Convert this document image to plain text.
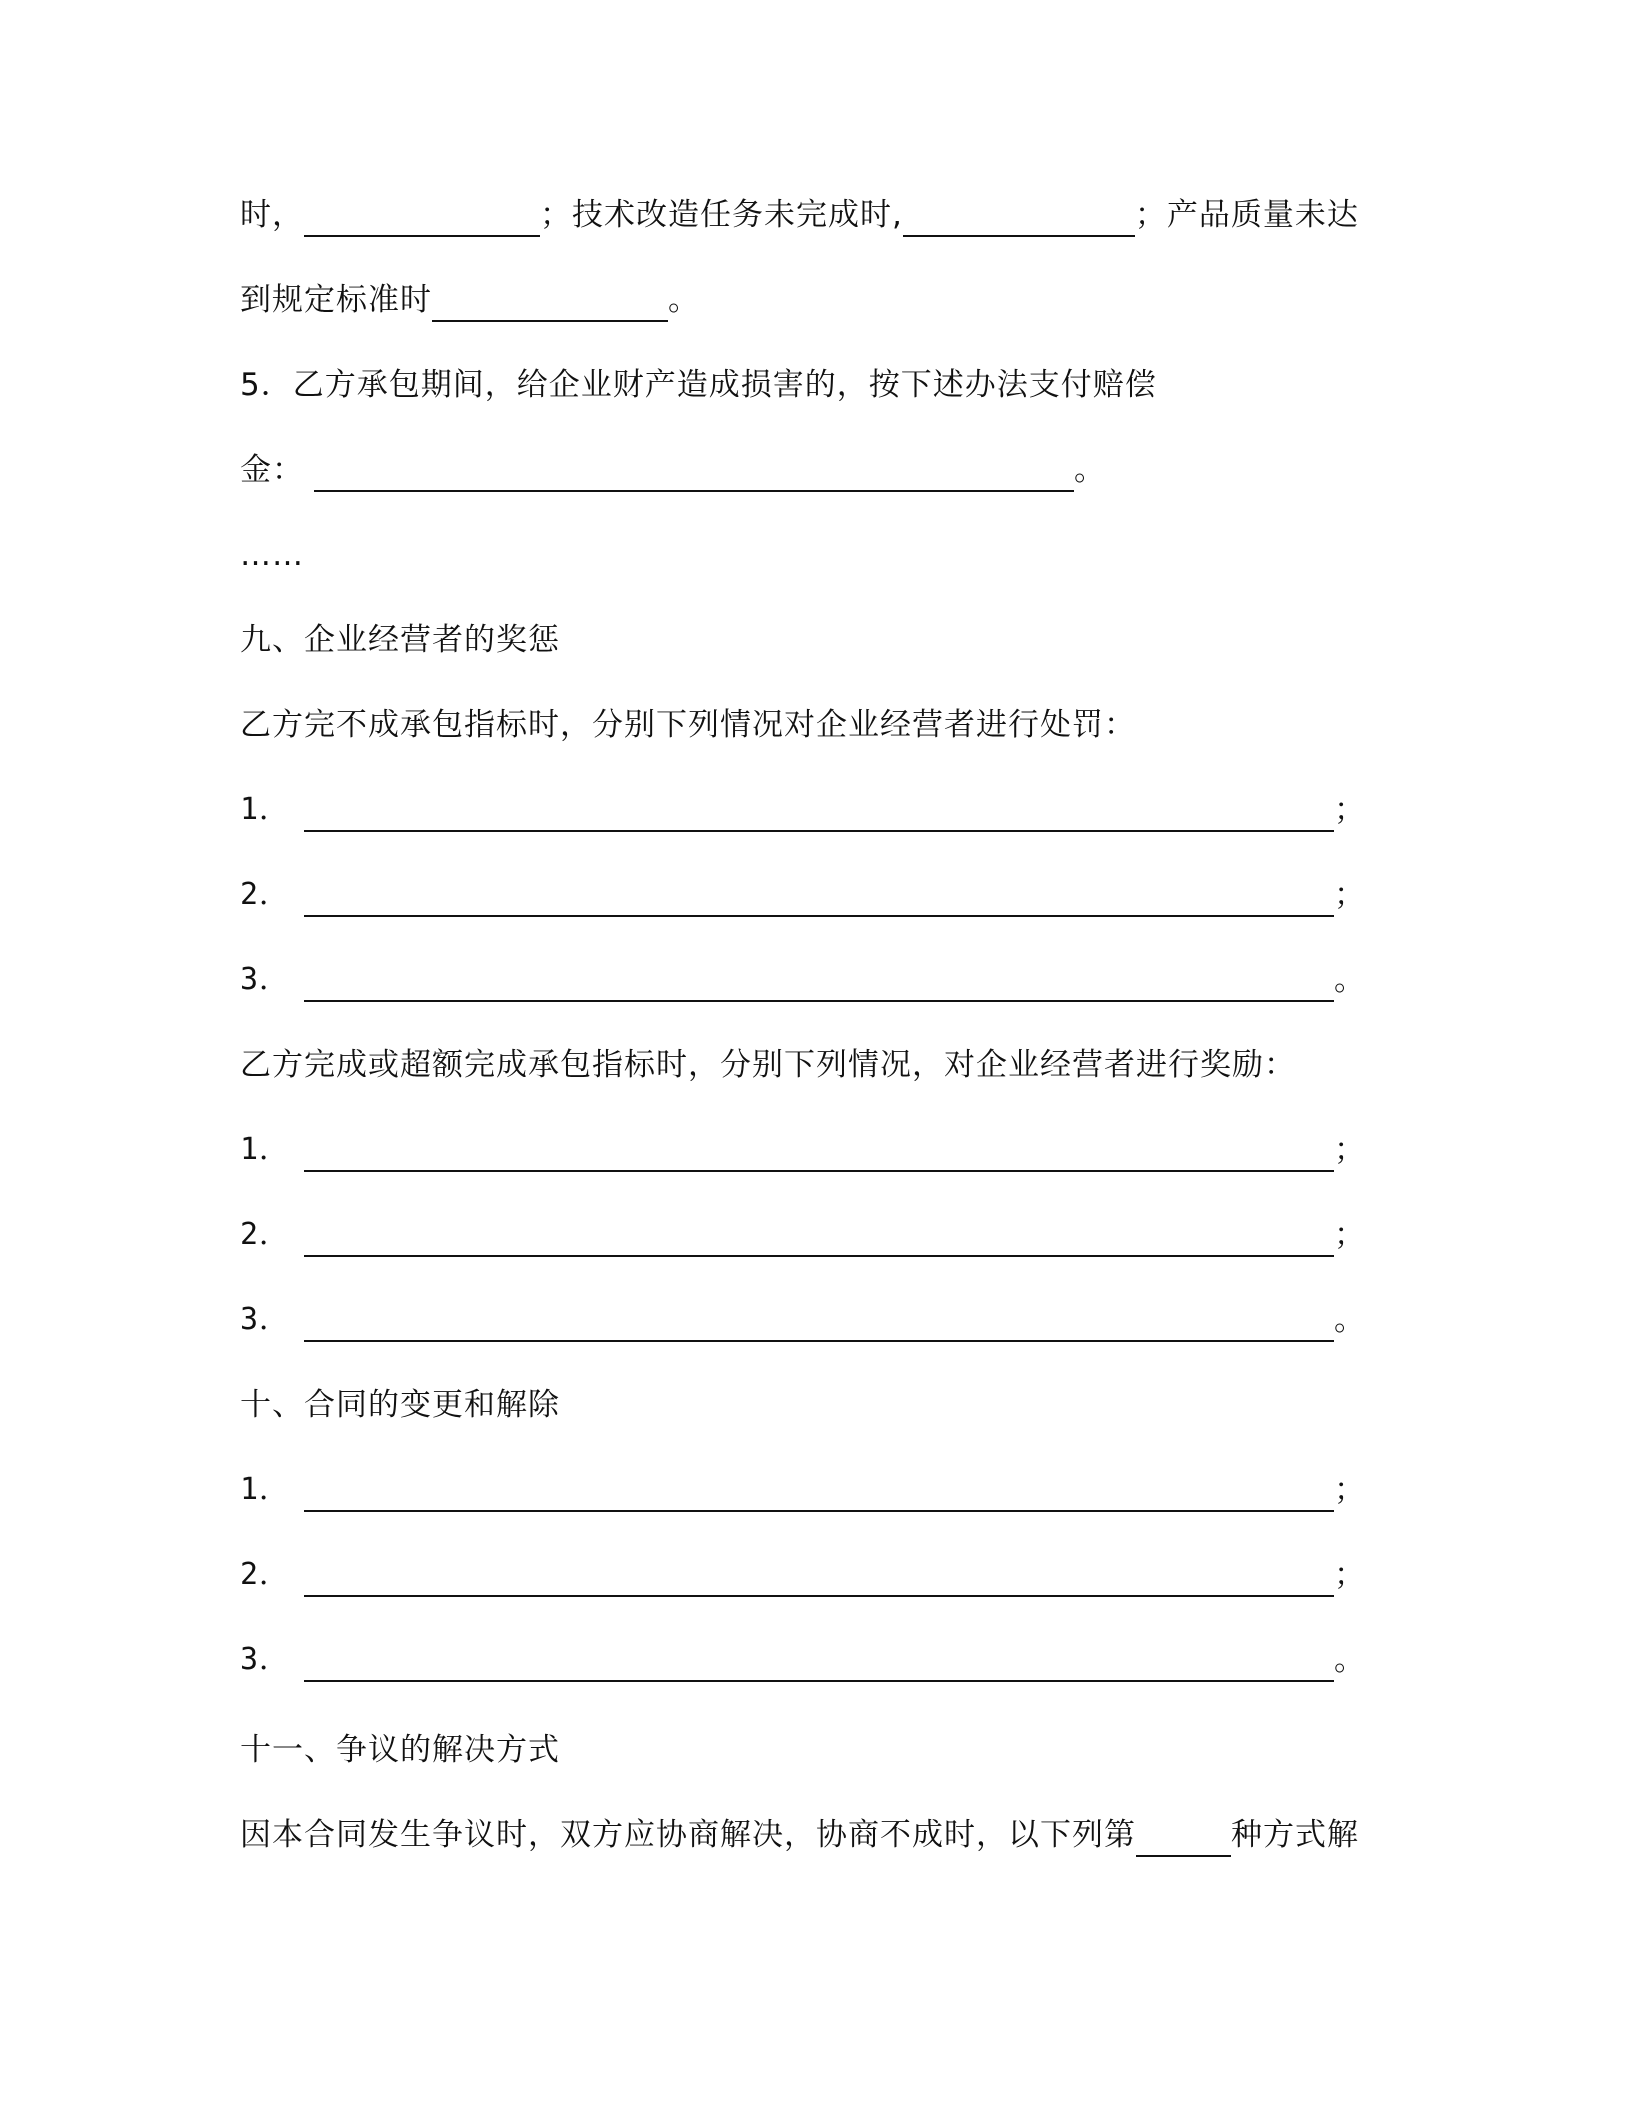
时，	；技术改造任务未完成时,	；产品质量未达
到规定标准时	。
5．乙方承包期间，给企业财产造成损害的，按下述办法支付赔偿
金：	。
……
九、企业经营者的奖惩
乙方完不成承包指标时，分别下列情况对企业经营者进行处罚：
1．	；
2．	；
3．	。
乙方完成或超额完成承包指标时，分别下列情况，对企业经营者进行奖励：
1．	；
2．	；
3．	。
十、合同的变更和解除
1．	；
2．	；
3．	。
十一、争议的解决方式
因本合同发生争议时，双方应协商解决，协商不成时，以下列第	种方式解
